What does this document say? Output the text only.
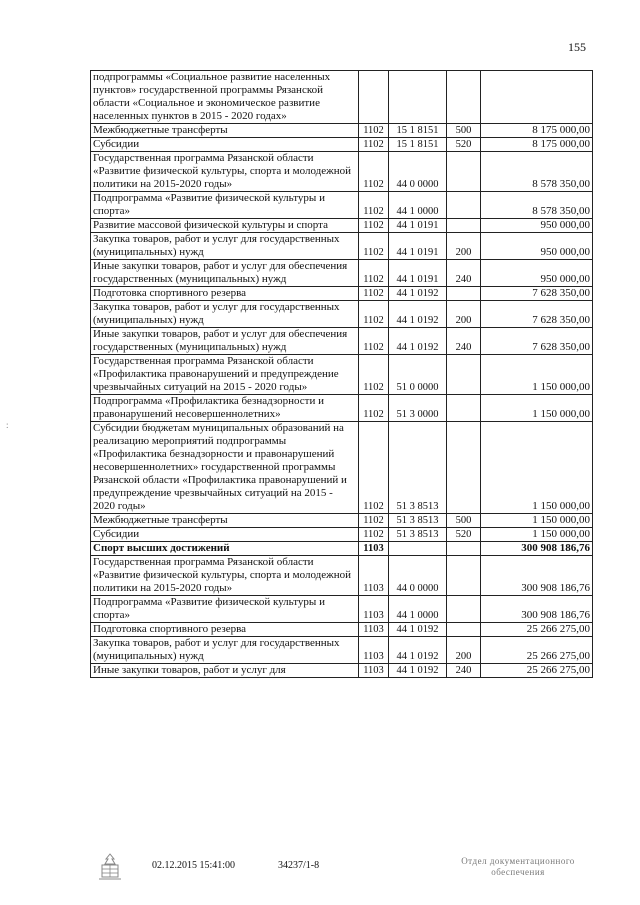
155
:
подпрограммы «Социальное развитие населенных пунктов» государственной программы Рязанской области «Социальное и экономическое развитие населенных пунктов в 2015 - 2020 годах»				
Межбюджетные трансферты	1102	15 1 8151	500	8 175 000,00
Субсидии	1102	15 1 8151	520	8 175 000,00
Государственная программа Рязанской области «Развитие физической культуры, спорта и молодежной политики на 2015-2020 годы»	1102	44 0 0000		8 578 350,00
Подпрограмма «Развитие физической культуры и спорта»	1102	44 1 0000		8 578 350,00
Развитие массовой физической культуры и спорта	1102	44 1 0191		950 000,00
Закупка товаров, работ и услуг для государственных (муниципальных) нужд	1102	44 1 0191	200	950 000,00
Иные закупки товаров, работ и услуг для обеспечения государственных (муниципальных) нужд	1102	44 1 0191	240	950 000,00
Подготовка спортивного резерва	1102	44 1 0192		7 628 350,00
Закупка товаров, работ и услуг для государственных (муниципальных) нужд	1102	44 1 0192	200	7 628 350,00
Иные закупки товаров, работ и услуг для обеспечения государственных (муниципальных) нужд	1102	44 1 0192	240	7 628 350,00
Государственная программа Рязанской области «Профилактика правонарушений и предупреждение чрезвычайных ситуаций на 2015 - 2020 годы»	1102	51 0 0000		1 150 000,00
Подпрограмма «Профилактика безнадзорности и правонарушений несовершеннолетних»	1102	51 3 0000		1 150 000,00
Субсидии бюджетам муниципальных образований на реализацию мероприятий подпрограммы «Профилактика безнадзорности и правонарушений несовершеннолетних» государственной программы Рязанской области «Профилактика правонарушений и предупреждение чрезвычайных ситуаций на 2015 - 2020 годы»	1102	51 3 8513		1 150 000,00
Межбюджетные трансферты	1102	51 3 8513	500	1 150 000,00
Субсидии	1102	51 3 8513	520	1 150 000,00
Спорт высших достижений	1103			300 908 186,76
Государственная программа Рязанской области «Развитие физической культуры, спорта и молодежной политики на 2015-2020 годы»	1103	44 0 0000		300 908 186,76
Подпрограмма «Развитие физической культуры и спорта»	1103	44 1 0000		300 908 186,76
Подготовка спортивного резерва	1103	44 1 0192		25 266 275,00
Закупка товаров, работ и услуг для государственных (муниципальных) нужд	1103	44 1 0192	200	25 266 275,00
Иные закупки товаров, работ и услуг для	1103	44 1 0192	240	25 266 275,00
02.12.2015 15:41:00	34237/1-8	Отдел документационного
обеспечения
